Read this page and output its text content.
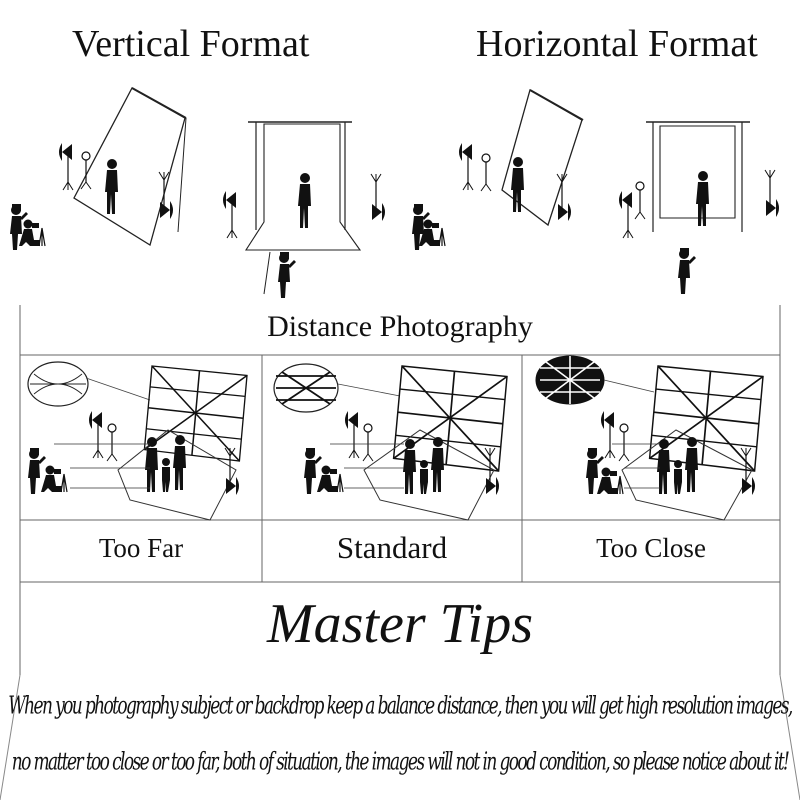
Vertical Format	Horizontal Format
Distance Photography
Too Far	Standard	Too Close
Master Tips
When you photography subject or backdrop keep a balance distance, then you will get high resolution images,
no matter too close or too far, both of situation, the images will not in good condition, so please notice about it!
